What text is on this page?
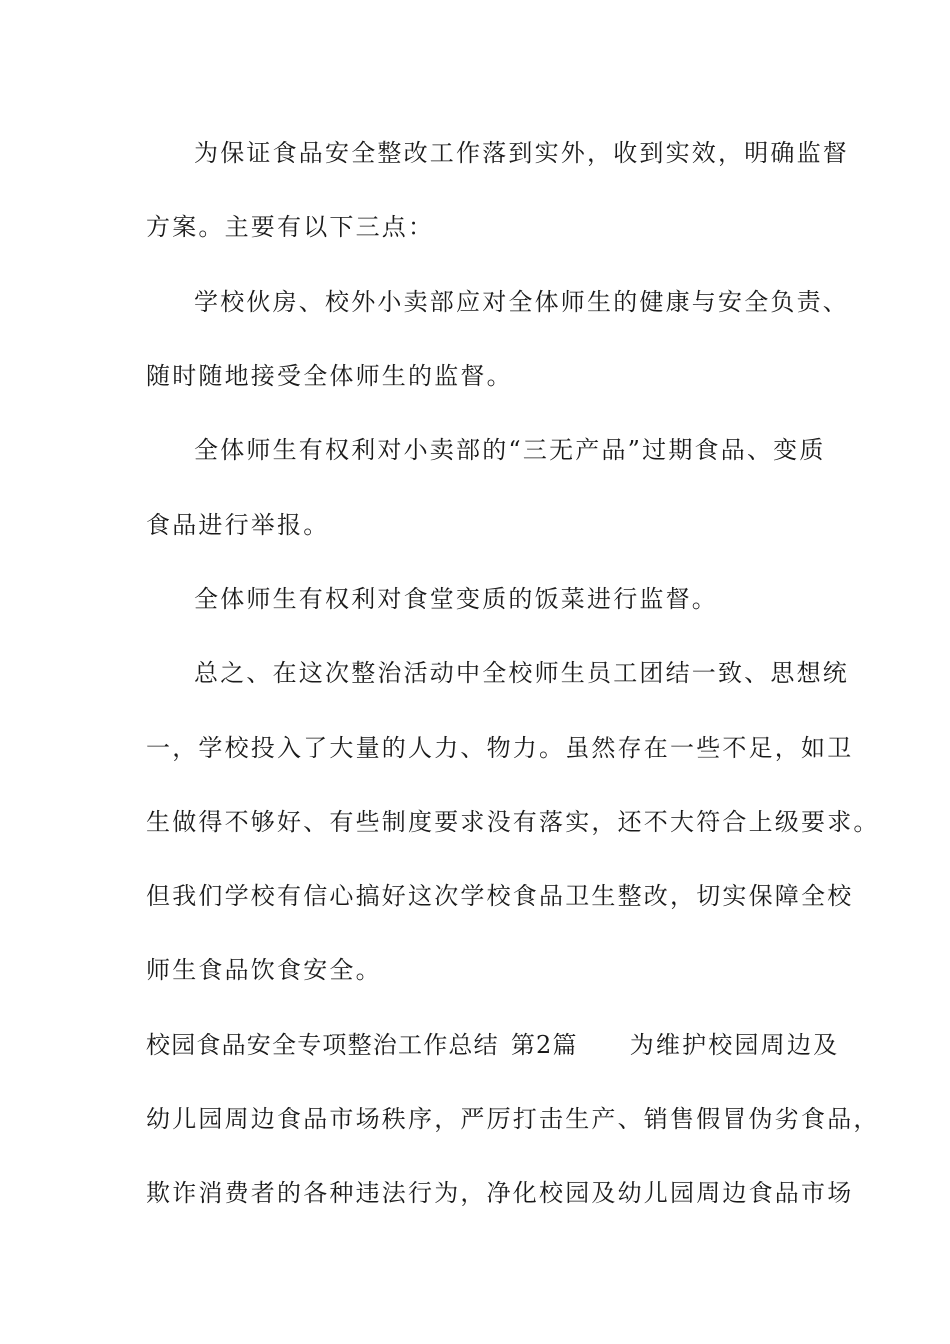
为保证食品安全整改工作落到实外，收到实效，明确监督
方案。主要有以下三点：
学校伙房、校外小卖部应对全体师生的健康与安全负责、
随时随地接受全体师生的监督。
全体师生有权利对小卖部的“三无产品”过期食品、变质
食品进行举报。
全体师生有权利对食堂变质的饭菜进行监督。
总之、在这次整治活动中全校师生员工团结一致、思想统
一，学校投入了大量的人力、物力。虽然存在一些不足，如卫
生做得不够好、有些制度要求没有落实，还不大符合上级要求。
但我们学校有信心搞好这次学校食品卫生整改，切实保障全校
师生食品饮食安全。
校园食品安全专项整治工作总结 第2篇 为维护校园周边及
幼儿园周边食品市场秩序，严厉打击生产、销售假冒伪劣食品，
欺诈消费者的各种违法行为，净化校园及幼儿园周边食品市场
